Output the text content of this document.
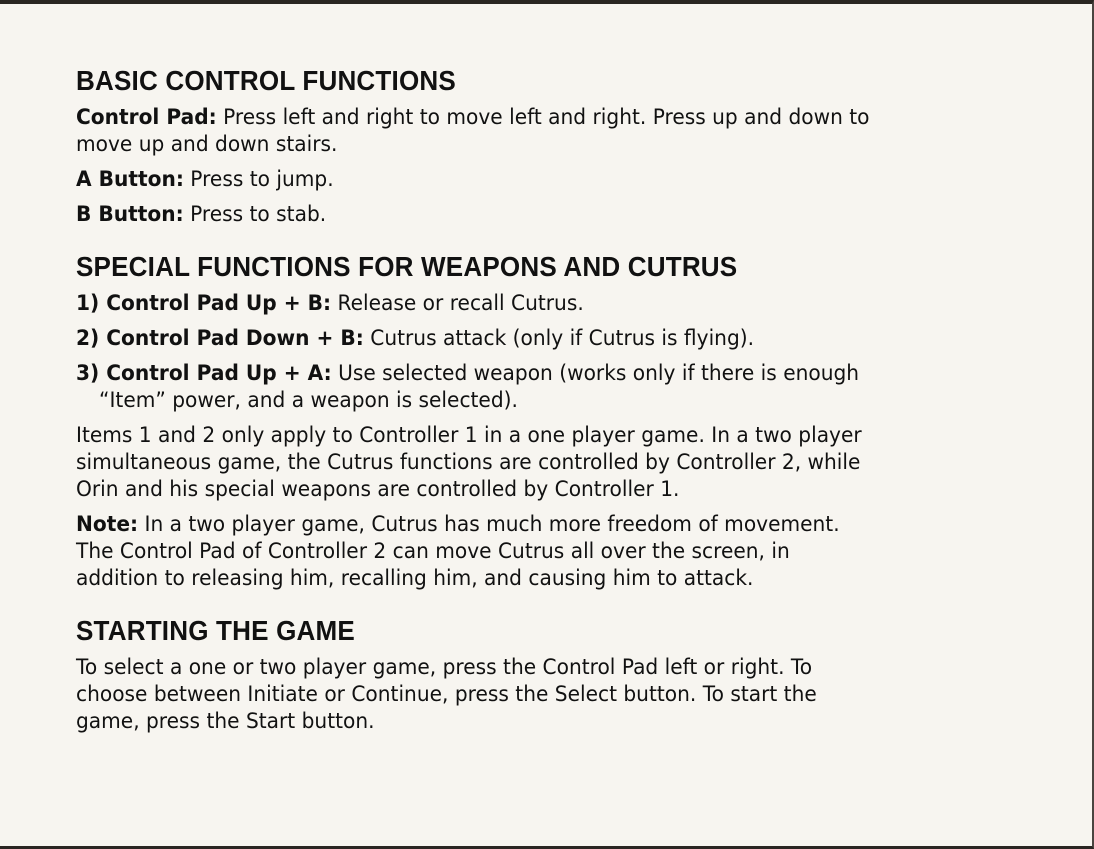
BASIC CONTROL FUNCTIONS
Control Pad: Press left and right to move left and right. Press up and down to
move up and down stairs.
A Button: Press to jump.
B Button: Press to stab.
SPECIAL FUNCTIONS FOR WEAPONS AND CUTRUS
1) Control Pad Up + B: Release or recall Cutrus.
2) Control Pad Down + B: Cutrus attack (only if Cutrus is flying).
3) Control Pad Up + A: Use selected weapon (works only if there is enough
“Item” power, and a weapon is selected).
Items 1 and 2 only apply to Controller 1 in a one player game. In a two player
simultaneous game, the Cutrus functions are controlled by Controller 2, while
Orin and his special weapons are controlled by Controller 1.
Note: In a two player game, Cutrus has much more freedom of movement.
The Control Pad of Controller 2 can move Cutrus all over the screen, in
addition to releasing him, recalling him, and causing him to attack.
STARTING THE GAME
To select a one or two player game, press the Control Pad left or right. To
choose between Initiate or Continue, press the Select button. To start the
game, press the Start button.
